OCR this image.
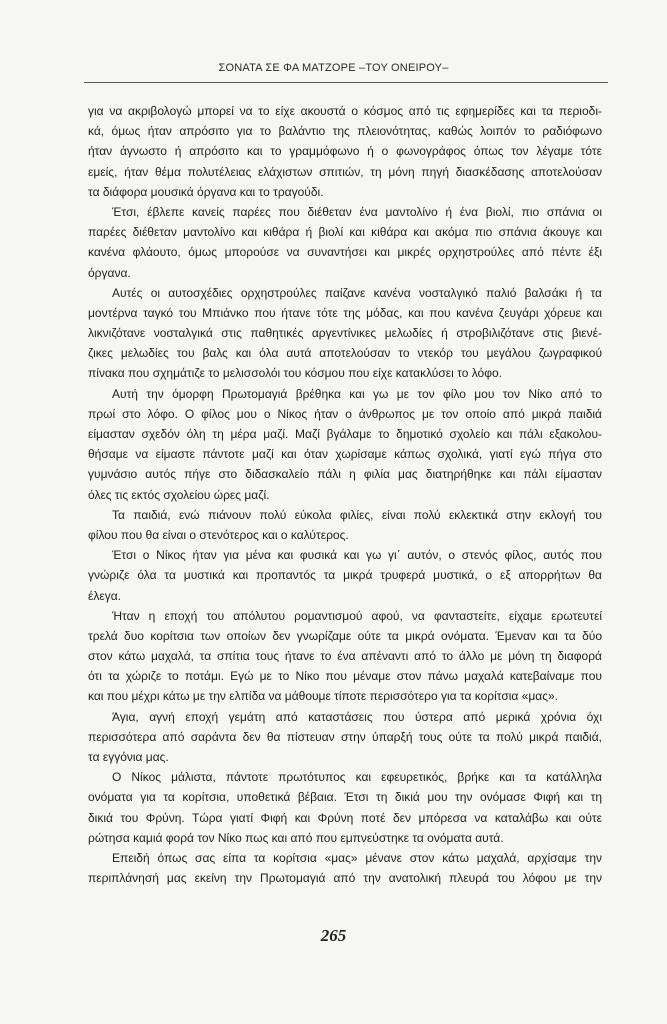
ΣΟΝΑΤΑ ΣΕ ΦΑ ΜΑΤΖΟΡΕ –ΤΟΥ ΟΝΕΙΡΟΥ–
για να ακριβολογώ μπορεί να το είχε ακουστά ο κόσμος από τις εφημερίδες και τα περιοδι-
κά, όμως ήταν απρόσιτο για το βαλάντιο της πλειονότητας, καθώς λοιπόν το ραδιόφωνο
ήταν άγνωστο ή απρόσιτο και το γραμμόφωνο ή ο φωνογράφος όπως τον λέγαμε τότε
εμείς, ήταν θέμα πολυτέλειας ελάχιστων σπιτιών, τη μόνη πηγή διασκέδασης αποτελούσαν
τα διάφορα μουσικά όργανα και το τραγούδι.
Έτσι, έβλεπε κανείς παρέες που διέθεταν ένα μαντολίνο ή ένα βιολί, πιο σπάνια οι
παρέες διέθεταν μαντολίνο και κιθάρα ή βιολί και κιθάρα και ακόμα πιο σπάνια άκουγε και
κανένα φλάουτο, όμως μπορούσε να συναντήσει και μικρές ορχηστρούλες από πέντε έξι
όργανα.
Αυτές οι αυτοσχέδιες ορχηστρούλες παίζανε κανένα νοσταλγικό παλιό βαλσάκι ή τα
μοντέρνα ταγκό του Μπιάνκο που ήτανε τότε της μόδας, και που κανένα ζευγάρι χόρευε και
λικνιζότανε νοσταλγικά στις παθητικές αργεντίνικες μελωδίες ή στροβιλιζότανε στις βιενέ-
ζικες μελωδίες του βαλς και όλα αυτά αποτελούσαν το ντεκόρ του μεγάλου ζωγραφικού
πίνακα που σχημάτιζε το μελισσολόι του κόσμου που είχε κατακλύσει το λόφο.
Αυτή την όμορφη Πρωτομαγιά βρέθηκα και γω με τον φίλο μου τον Νίκο από το
πρωί στο λόφο. Ο φίλος μου ο Νίκος ήταν ο άνθρωπος με τον οποίο από μικρά παιδιά
είμασταν σχεδόν όλη τη μέρα μαζί. Μαζί βγάλαμε το δημοτικό σχολείο και πάλι εξακολου-
θήσαμε να είμαστε πάντοτε μαζί και όταν χωρίσαμε κάπως σχολικά, γιατί εγώ πήγα στο
γυμνάσιο αυτός πήγε στο διδασκαλείο πάλι η φιλία μας διατηρήθηκε και πάλι είμασταν
όλες τις εκτός σχολείου ώρες μαζί.
Τα παιδιά, ενώ πιάνουν πολύ εύκολα φιλίες, είναι πολύ εκλεκτικά στην εκλογή του
φίλου που θα είναι ο στενότερος και ο καλύτερος.
Έτσι ο Νίκος ήταν για μένα και φυσικά και γω γι΄ αυτόν, ο στενός φίλος, αυτός που
γνώριζε όλα τα μυστικά και προπαντός τα μικρά τρυφερά μυστικά, ο εξ απορρήτων θα
έλεγα.
Ήταν η εποχή του απόλυτου ρομαντισμού αφού, να φανταστείτε, είχαμε ερωτευτεί
τρελά δυο κορίτσια των οποίων δεν γνωρίζαμε ούτε τα μικρά ονόματα. Έμεναν και τα δύο
στον κάτω μαχαλά, τα σπίτια τους ήτανε το ένα απέναντι από το άλλο με μόνη τη διαφορά
ότι τα χώριζε το ποτάμι. Εγώ με το Νίκο που μέναμε στον πάνω μαχαλά κατεβαίναμε που
και που μέχρι κάτω με την ελπίδα να μάθουμε τίποτε περισσότερο για τα κορίτσια «μας».
Άγια, αγνή εποχή γεμάτη από καταστάσεις που ύστερα από μερικά χρόνια όχι
περισσότερα από σαράντα δεν θα πίστευαν στην ύπαρξή τους ούτε τα πολύ μικρά παιδιά,
τα εγγόνια μας.
Ο Νίκος μάλιστα, πάντοτε πρωτότυπος και εφευρετικός, βρήκε και τα κατάλληλα
ονόματα για τα κορίτσια, υποθετικά βέβαια. Έτσι τη δικιά μου την ονόμασε Φιφή και τη
δικιά του Φρύνη. Τώρα γιατί Φιφή και Φρύνη ποτέ δεν μπόρεσα να καταλάβω και ούτε
ρώτησα καμιά φορά τον Νίκο πως και από που εμπνεύστηκε τα ονόματα αυτά.
Επειδή όπως σας είπα τα κορίτσια «μας» μένανε στον κάτω μαχαλά, αρχίσαμε την
περιπλάνησή μας εκείνη την Πρωτομαγιά από την ανατολική πλευρά του λόφου με την
265
